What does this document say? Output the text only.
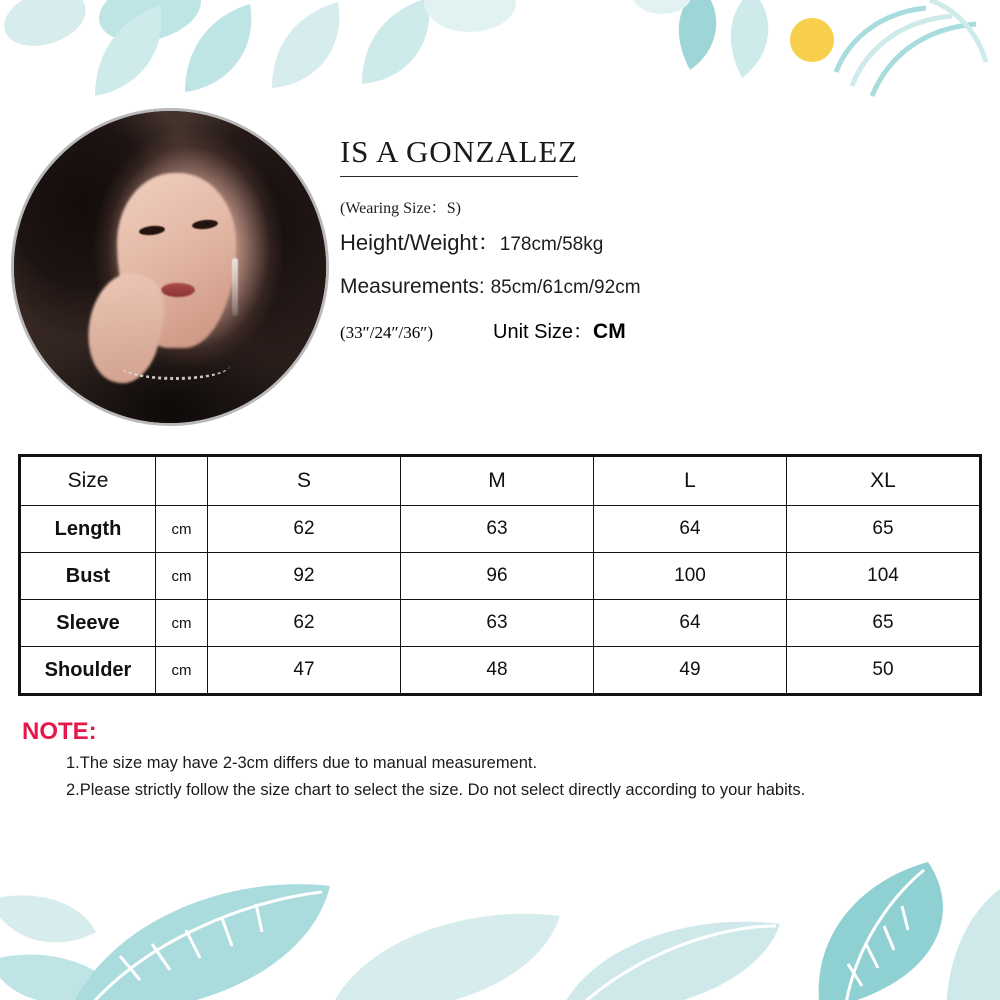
IS A GONZALEZ
(Wearing Size：S)
Height/Weight：178cm/58kg
Measurements: 85cm/61cm/92cm
(33″/24″/36″)	Unit Size：CM
Size		S	M	L	XL
Length	cm	62	63	64	65
Bust	cm	92	96	100	104
Sleeve	cm	62	63	64	65
Shoulder	cm	47	48	49	50
NOTE:
1.The size may have 2-3cm differs due to manual measurement.
2.Please strictly follow the size chart to select the size. Do not select directly according to your habits.
